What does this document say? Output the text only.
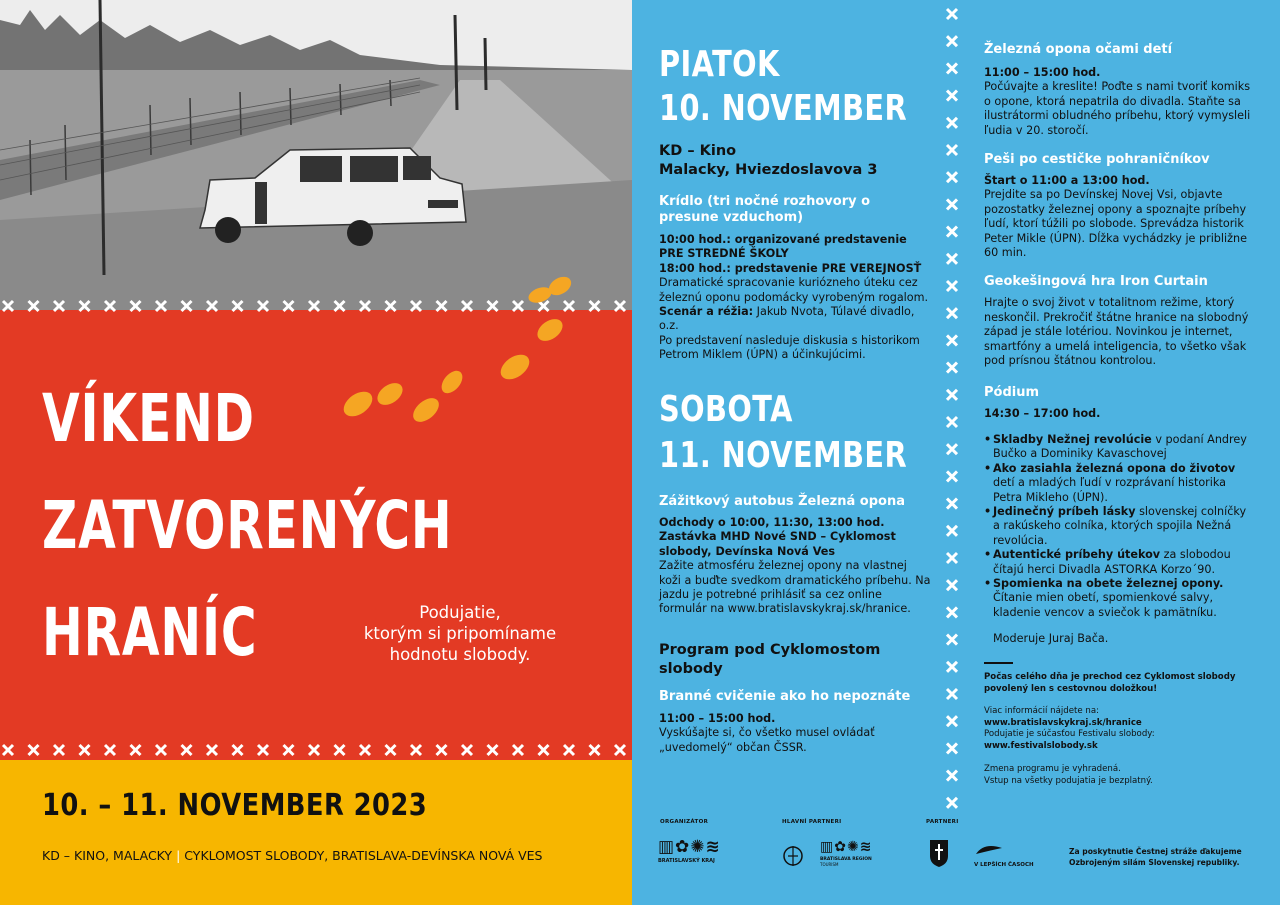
VÍKEND
ZATVORENÝCH
HRANÍC	Podujatie,
ktorým si pripomíname
hodnotu slobody.
10. – 11. NOVEMBER 2023
KD – KINO, MALACKY | CYKLOMOST SLOBODY, BRATISLAVA-DEVÍNSKA NOVÁ VES
PIATOK
10. NOVEMBER
KD – Kino
Malacky, Hviezdoslavova 3
Krídlo (tri nočné rozhovory o presune vzduchom)
10:00 hod.: organizované predstavenie PRE STREDNÉ ŠKOLY
18:00 hod.: predstavenie PRE VEREJNOSŤ
Dramatické spracovanie kuriózneho úteku cez železnú oponu podomácky vyrobeným rogalom.
Scenár a réžia: Jakub Nvota, Túlavé divadlo, o.z.
Po predstavení nasleduje diskusia s historikom Petrom Miklem (ÚPN) a účinkujúcimi.
SOBOTA
11. NOVEMBER
Zážitkový autobus Železná opona
Odchody o 10:00, 11:30, 13:00 hod.
Zastávka MHD Nové SND – Cyklomost slobody, Devínska Nová Ves
Zažite atmosféru železnej opony na vlastnej koži a buďte svedkom dramatického príbehu. Na jazdu je potrebné prihlásiť sa cez online formulár na www.bratislavskykraj.sk/hranice.
Program pod Cyklomostom slobody
Branné cvičenie ako ho nepoznáte
11:00 – 15:00 hod.
Vyskúšajte si, čo všetko musel ovládať „uvedomelý“ občan ČSSR.
Železná opona očami detí
11:00 – 15:00 hod.
Počúvajte a kreslite! Poďte s nami tvoriť komiks o opone, ktorá nepatrila do divadla. Staňte sa ilustrátormi obludného príbehu, ktorý vymysleli ľudia v 20. storočí.
Peši po cestičke pohraničníkov
Štart o 11:00 a 13:00 hod.
Prejdite sa po Devínskej Novej Vsi, objavte pozostatky železnej opony a spoznajte príbehy ľudí, ktorí túžili po slobode. Sprevádza historik Peter Mikle (ÚPN). Dĺžka vychádzky je približne 60 min.
Geokešingová hra Iron Curtain
Hrajte o svoj život v totalitnom režime, ktorý neskončil. Prekročiť štátne hranice na slobodný západ je stále lotériou. Novinkou je internet, smartfóny a umelá inteligencia, to všetko však pod prísnou štátnou kontrolou.
Pódium
14:30 – 17:00 hod.
• Skladby Nežnej revolúcie v podaní Andrey Bučko a Dominiky Kavaschovej
• Ako zasiahla železná opona do životov detí a mladých ľudí v rozprávaní historika Petra Mikleho (ÚPN).
• Jedinečný príbeh lásky slovenskej colníčky a rakúskeho colníka, ktorých spojila Nežná revolúcia.
• Autentické príbehy útekov za slobodou čítajú herci Divadla ASTORKA Korzo´90.
• Spomienka na obete železnej opony. Čítanie mien obetí, spomienkové salvy, kladenie vencov a sviečok k pamätníku.
Moderuje Juraj Bača.
Počas celého dňa je prechod cez Cyklomost slobody povolený len s cestovnou doložkou!
Viac informácií nájdete na:
www.bratislavskykraj.sk/hranice
Podujatie je súčasťou Festivalu slobody:
www.festivalslobody.sk
Zmena programu je vyhradená.
Vstup na všetky podujatia je bezplatný.
ORGANIZÁTOR	HLAVNÍ PARTNERI	PARTNERI
▥✿✺≋
BRATISLAVSKÝ KRAJ
▥✿✺≋
BRATISLAVA REGION
TOURISM	V LEPŠÍCH ČASOCH
Za poskytnutie Čestnej stráže ďakujeme Ozbrojeným silám Slovenskej republiky.
